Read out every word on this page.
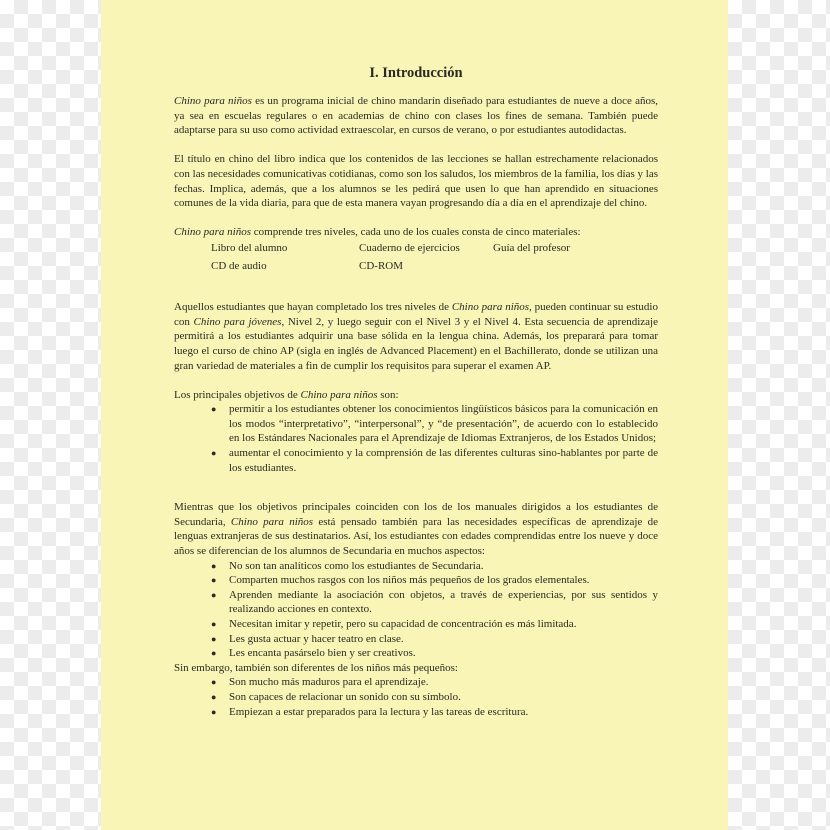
I. Introducción

Chino para niños es un programa inicial de chino mandarín diseñado para estudiantes de nueve a doce años, ya sea en escuelas regulares o en academias de chino con clases los fines de semana. También puede adaptarse para su uso como actividad extraescolar, en cursos de verano, o por estudiantes autodidactas.

El título en chino del libro indica que los contenidos de las lecciones se hallan estrechamente relacionados con las necesidades comunicativas cotidianas, como son los saludos, los miembros de la familia, los días y las fechas. Implica, además, que a los alumnos se les pedirá que usen lo que han aprendido en situaciones comunes de la vida diaria, para que de esta manera vayan progresando día a día en el aprendizaje del chino.

Chino para niños comprende tres niveles, cada uno de los cuales consta de cinco materiales:

Libro del alumno	Cuaderno de ejercicios	Guía del profesor
CD de audio	CD-ROM

Aquellos estudiantes que hayan completado los tres niveles de Chino para niños, pueden continuar su estudio con Chino para jóvenes, Nivel 2, y luego seguir con el Nivel 3 y el Nivel 4. Esta secuencia de aprendizaje permitirá a los estudiantes adquirir una base sólida en la lengua china. Además, los preparará para tomar luego el curso de chino AP (sigla en inglés de Advanced Placement) en el Bachillerato, donde se utilizan una gran variedad de materiales a fin de cumplir los requisitos para superar el examen AP.

Los principales objetivos de Chino para niños son:

● permitir a los estudiantes obtener los conocimientos lingüísticos básicos para la comunicación en los modos “interpretativo”, “interpersonal”, y “de presentación”, de acuerdo con lo establecido en los Estándares Nacionales para el Aprendizaje de Idiomas Extranjeros, de los Estados Unidos;
● aumentar el conocimiento y la comprensión de las diferentes culturas sino-hablantes por parte de los estudiantes.

Mientras que los objetivos principales coinciden con los de los manuales dirigidos a los estudiantes de Secundaria, Chino para niños está pensado también para las necesidades específicas de aprendizaje de lenguas extranjeras de sus destinatarios. Así, los estudiantes con edades comprendidas entre los nueve y doce años se diferencian de los alumnos de Secundaria en muchos aspectos:

● No son tan analíticos como los estudiantes de Secundaria.
● Comparten muchos rasgos con los niños más pequeños de los grados elementales.
● Aprenden mediante la asociación con objetos, a través de experiencias, por sus sentidos y realizando acciones en contexto.
● Necesitan imitar y repetir, pero su capacidad de concentración es más limitada.
● Les gusta actuar y hacer teatro en clase.
● Les encanta pasárselo bien y ser creativos.

Sin embargo, también son diferentes de los niños más pequeños:

● Son mucho más maduros para el aprendizaje.
● Son capaces de relacionar un sonido con su símbolo.
● Empiezan a estar preparados para la lectura y las tareas de escritura.
